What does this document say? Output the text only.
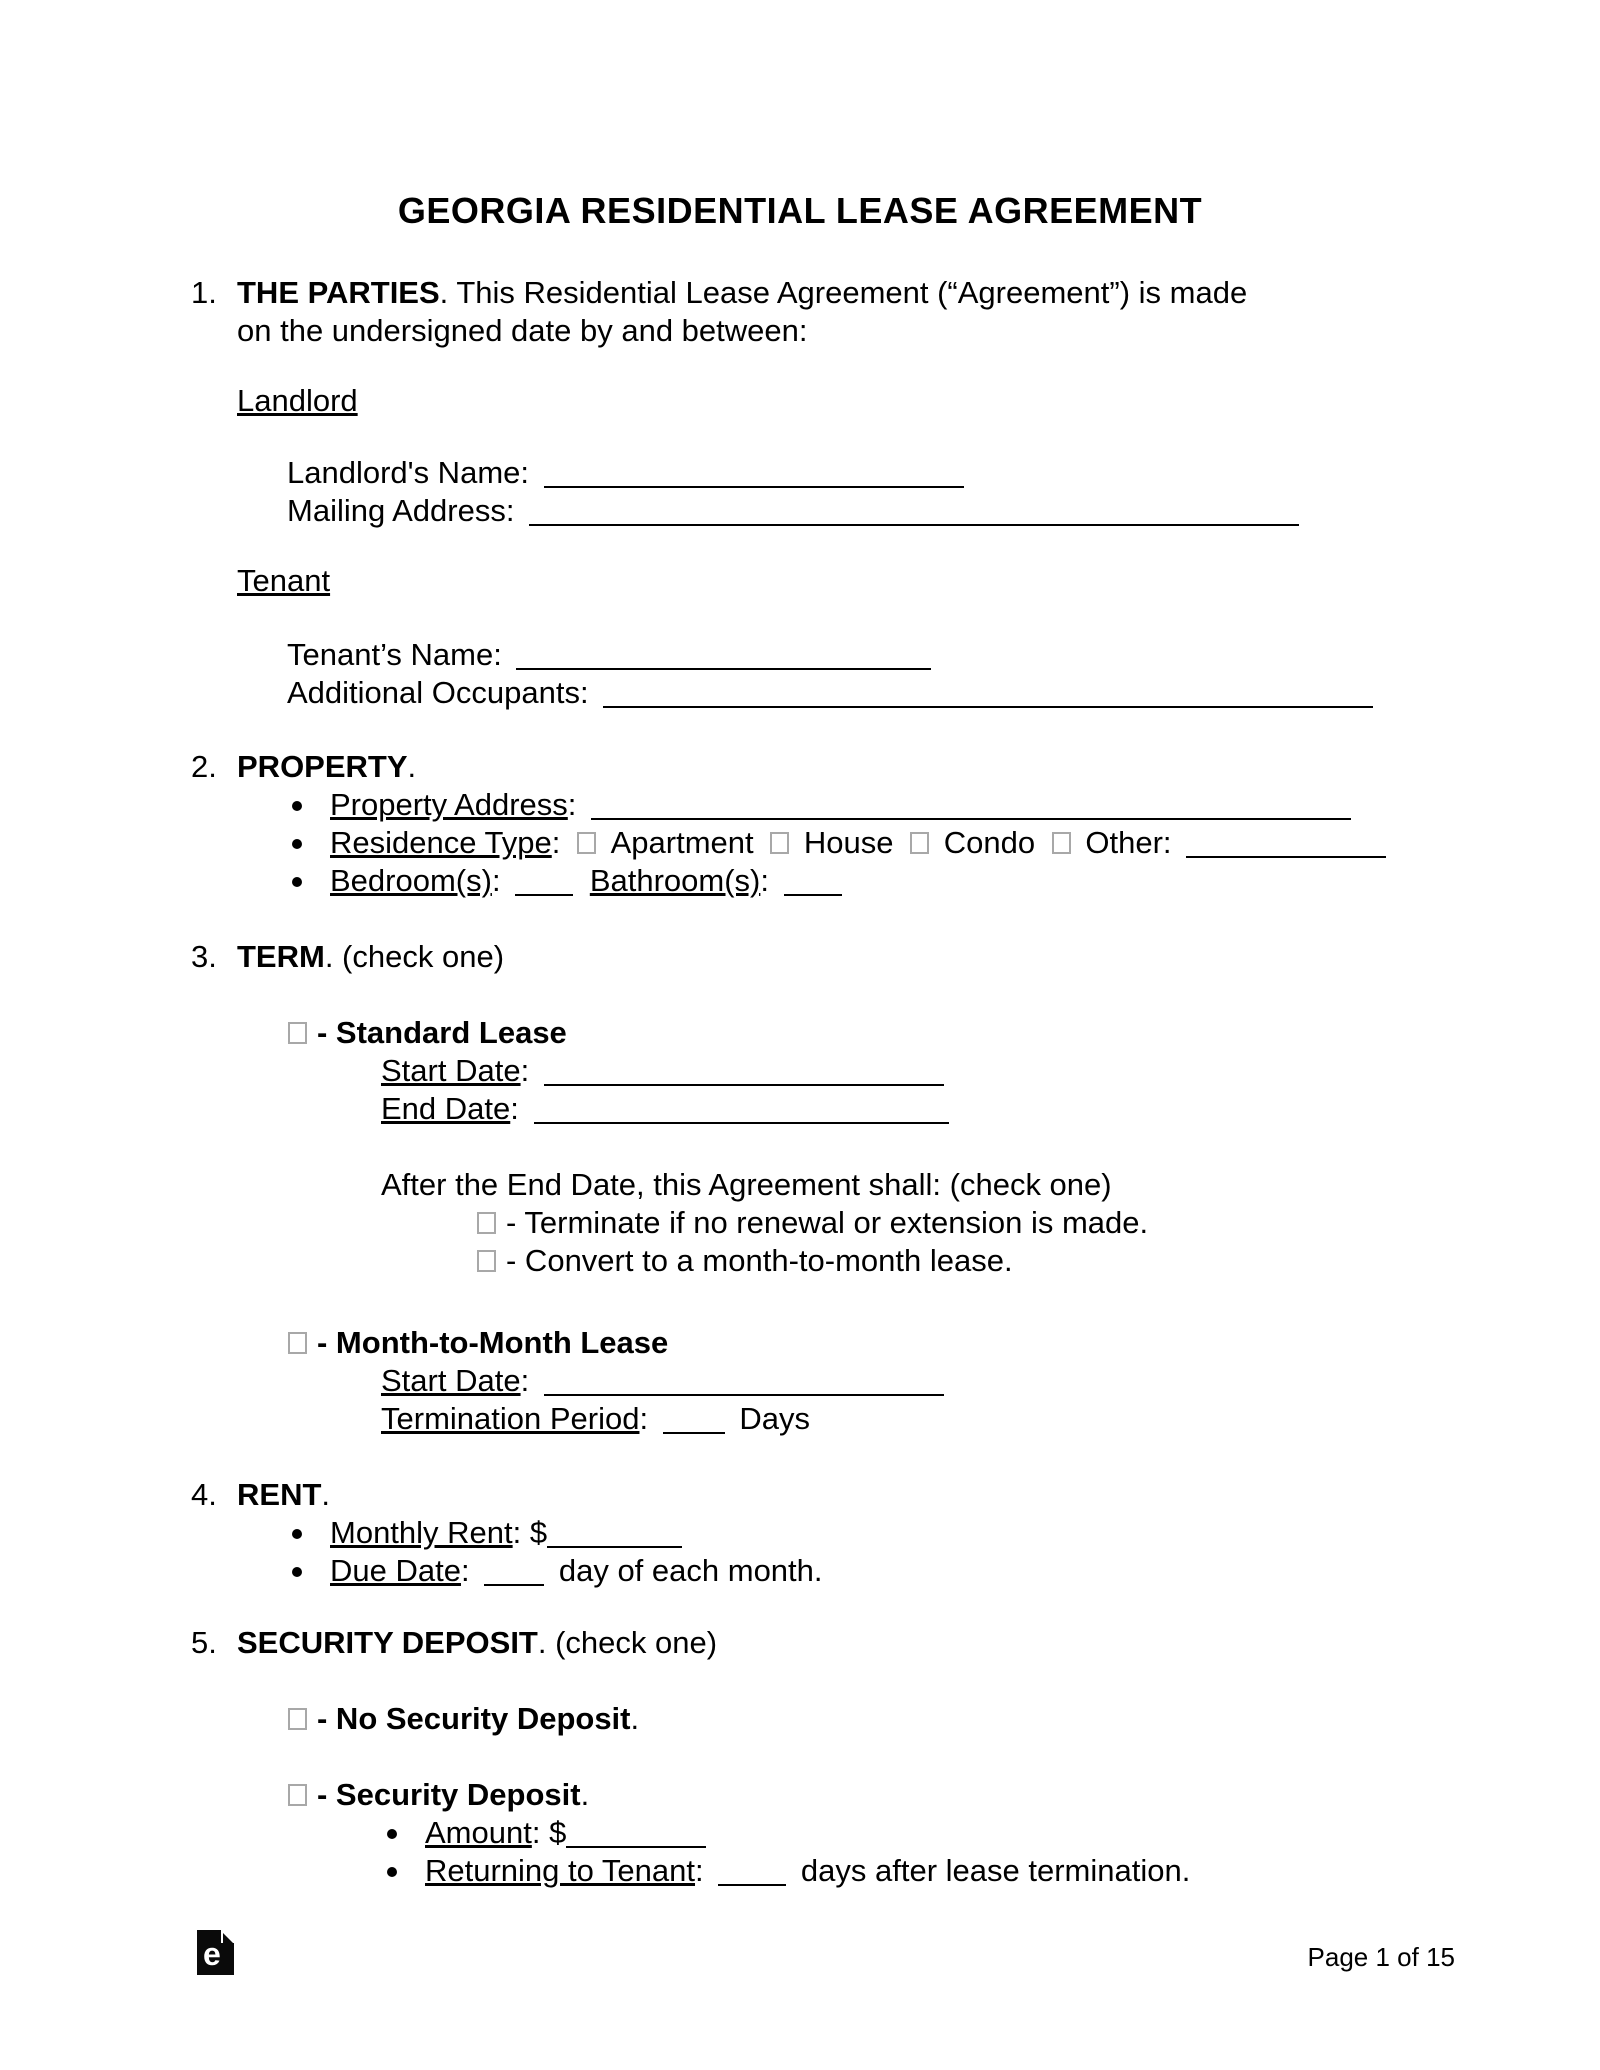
GEORGIA RESIDENTIAL LEASE AGREEMENT
1. THE PARTIES. This Residential Lease Agreement (“Agreement”) is made on the undersigned date by and between:
Landlord
Landlord's Name:
Mailing Address:
Tenant
Tenant’s Name:
Additional Occupants:
2. PROPERTY.
Property Address:
Residence Type: Apartment House Condo Other:
Bedroom(s):	Bathroom(s):
3. TERM. (check one)
- Standard Lease
Start Date:
End Date:
After the End Date, this Agreement shall: (check one)
- Terminate if no renewal or extension is made.
- Convert to a month-to-month lease.
- Month-to-Month Lease
Start Date:
Termination Period:	Days
4. RENT.
Monthly Rent: $
Due Date:	day of each month.
5. SECURITY DEPOSIT. (check one)
- No Security Deposit.
- Security Deposit.
Amount: $
Returning to Tenant:	days after lease termination.
e	Page 1 of 15
